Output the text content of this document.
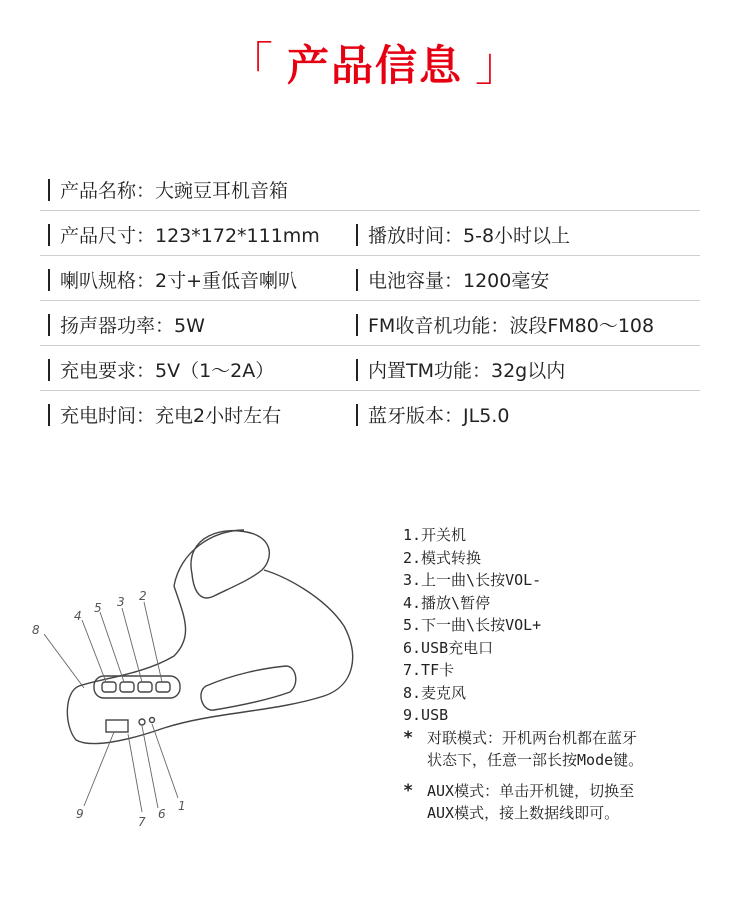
「 产品信息 」
产品名称：大豌豆耳机音箱
产品尺寸：123*172*111mm	播放时间：5-8小时以上
喇叭规格：2寸+重低音喇叭	电池容量：1200毫安
扬声器功率：5W	FM收音机功能：波段FM80～108
充电要求：5V（1～2A）	内置TM功能：32g以内
充电时间：充电2小时左右	蓝牙版本：JL5.0
8
4
5 3 2
9
7
6
1
1.开关机
2.模式转换
3.上一曲\长按VOL-
4.播放\暂停
5.下一曲\长按VOL+
6.USB充电口
7.TF卡
8.麦克风
9.USB
* 对联模式：开机两台机都在蓝牙
状态下，任意一部长按Mode键。
* AUX模式：单击开机键，切换至
AUX模式，接上数据线即可。
